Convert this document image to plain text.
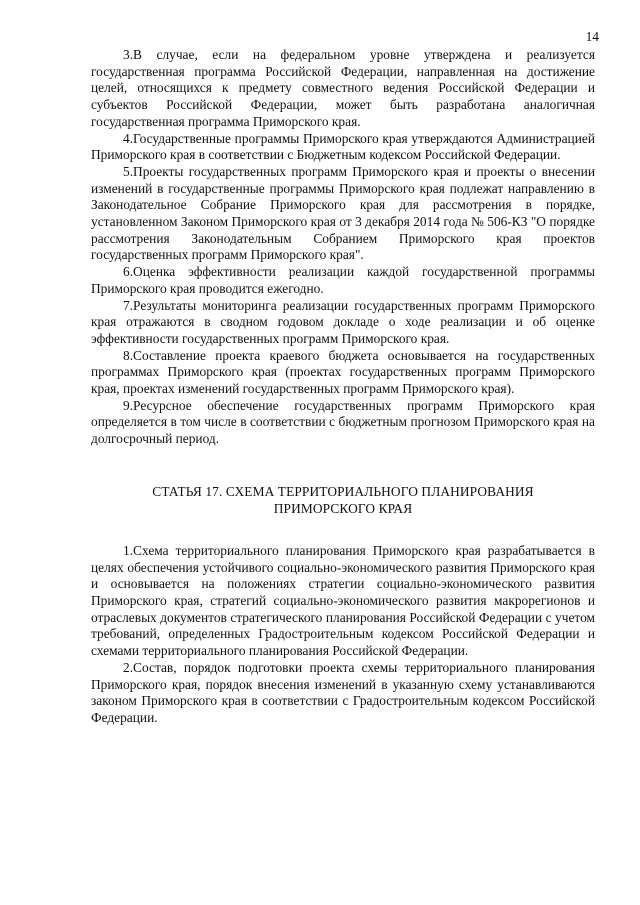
14

3.В случае, если на федеральном уровне утверждена и реализуется государственная программа Российской Федерации, направленная на достижение целей, относящихся к предмету совместного ведения Российской Федерации и субъектов Российской Федерации, может быть разработана аналогичная государственная программа Приморского края.

4.Государственные программы Приморского края утверждаются Администрацией Приморского края в соответствии с Бюджетным кодексом Российской Федерации.

5.Проекты государственных программ Приморского края и проекты о внесении изменений в государственные программы Приморского края подлежат направлению в Законодательное Собрание Приморского края для рассмотрения в порядке, установленном Законом Приморского края от 3 декабря 2014 года № 506-КЗ "О порядке рассмотрения Законодательным Собранием Приморского края проектов государственных программ Приморского края".

6.Оценка эффективности реализации каждой государственной программы Приморского края проводится ежегодно.

7.Результаты мониторинга реализации государственных программ Приморского края отражаются в сводном годовом докладе о ходе реализации и об оценке эффективности государственных программ Приморского края.

8.Составление проекта краевого бюджета основывается на государственных программах Приморского края (проектах государственных программ Приморского края, проектах изменений государственных программ Приморского края).

9.Ресурсное обеспечение государственных программ Приморского края определяется в том числе в соответствии с бюджетным прогнозом Приморского края на долгосрочный период.

СТАТЬЯ 17. СХЕМА ТЕРРИТОРИАЛЬНОГО ПЛАНИРОВАНИЯ
ПРИМОРСКОГО КРАЯ

1.Схема территориального планирования Приморского края разрабатывается в целях обеспечения устойчивого социально-экономического развития Приморского края и основывается на положениях стратегии социально-экономического развития Приморского края, стратегий социально-экономического развития макрорегионов и отраслевых документов стратегического планирования Российской Федерации с учетом требований, определенных Градостроительным кодексом Российской Федерации и схемами территориального планирования Российской Федерации.

2.Состав, порядок подготовки проекта схемы территориального планирования Приморского края, порядок внесения изменений в указанную схему устанавливаются законом Приморского края в соответствии с Градостроительным кодексом Российской Федерации.
